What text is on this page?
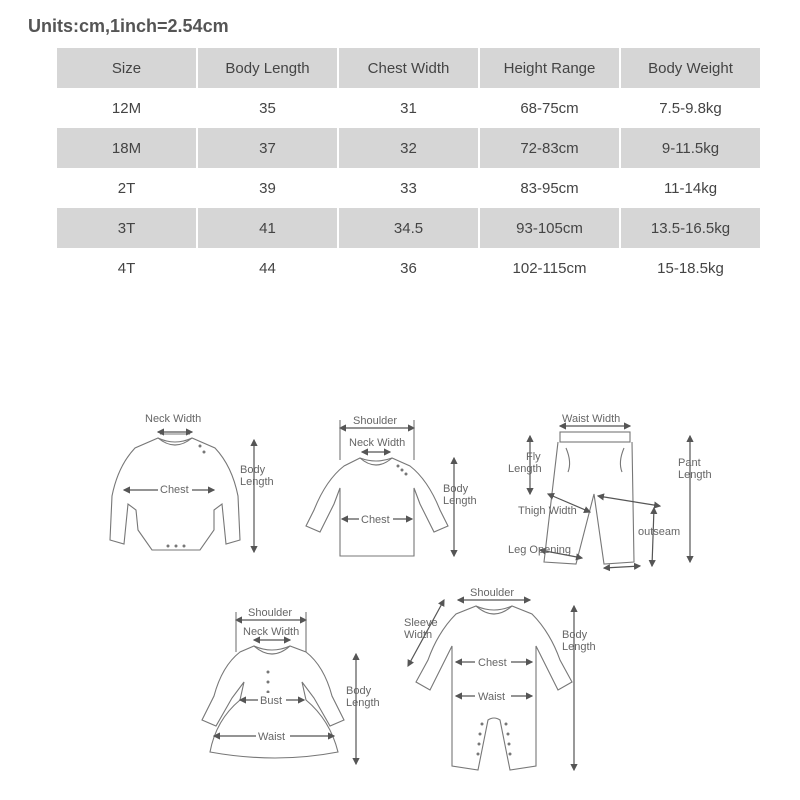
Units:cm,1inch=2.54cm
Size	Body Length	Chest Width	Height Range	Body Weight
12M	35	31	68-75cm	7.5-9.8kg
18M	37	32	72-83cm	9-11.5kg
2T	39	33	83-95cm	11-14kg
3T	41	34.5	93-105cm	13.5-16.5kg
4T	44	36	102-115cm	15-18.5kg
Neck Width
Chest
Body
Length
Shoulder
Neck Width
Chest
Body
Length
Waist Width
Fly
Length	Pant
Length
Thigh Width
outseam
Leg Opening
Shoulder
Neck Width
Bust
Waist
Body
Length
Shoulder
Sleeve
Width
Chest
Waist
Body
Length
